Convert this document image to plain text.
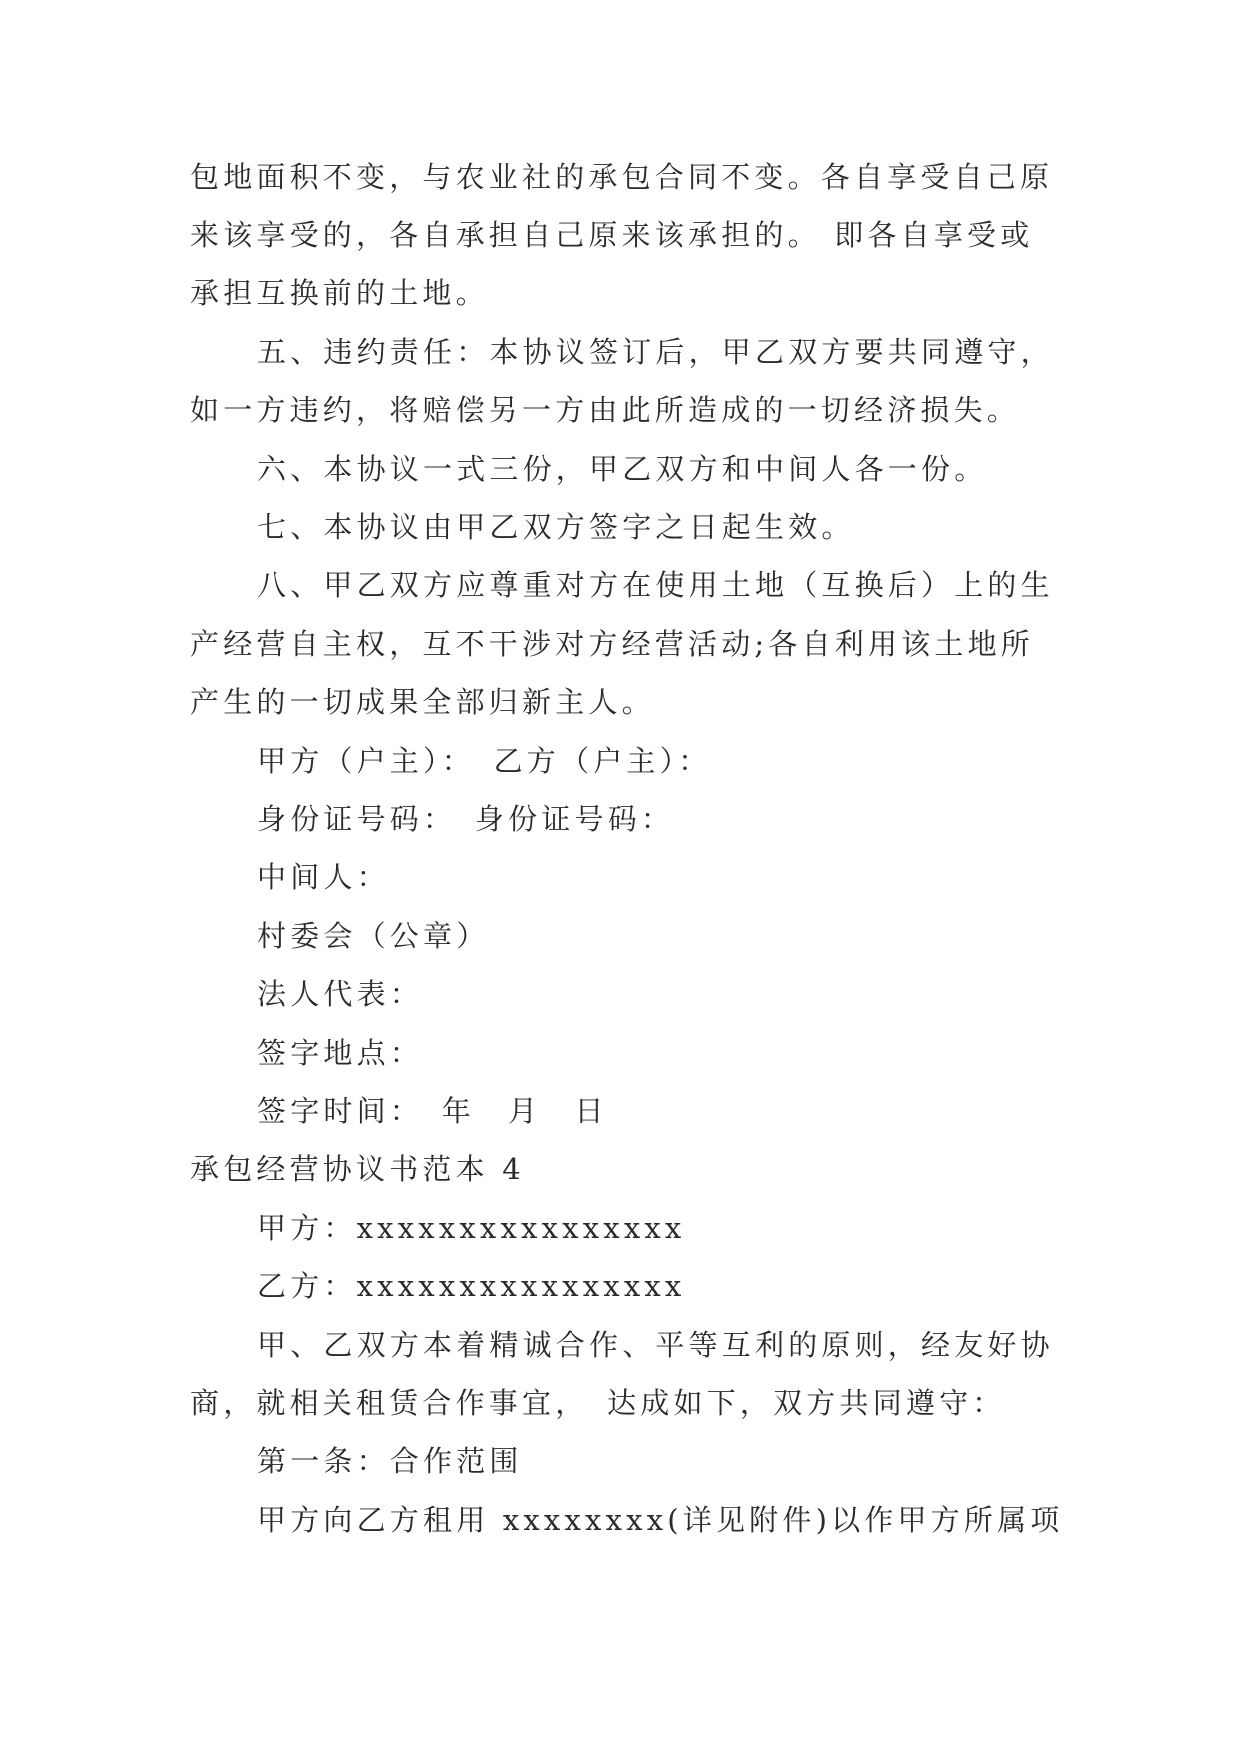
包地面积不变，与农业社的承包合同不变。各自享受自己原
来该享受的，各自承担自己原来该承担的。 即各自享受或
承担互换前的土地。
五、违约责任：本协议签订后，甲乙双方要共同遵守，
如一方违约，将赔偿另一方由此所造成的一切经济损失。
六、本协议一式三份，甲乙双方和中间人各一份。
七、本协议由甲乙双方签字之日起生效。
八、甲乙双方应尊重对方在使用土地（互换后）上的生
产经营自主权，互不干涉对方经营活动;各自利用该土地所
产生的一切成果全部归新主人。
甲方（户主）：　乙方（户主）：
身份证号码：　身份证号码：
中间人：
村委会（公章）
法人代表：
签字地点：
签字时间：　年　月　日
承包经营协议书范本 4
甲方：xxxxxxxxxxxxxxxx
乙方：xxxxxxxxxxxxxxxx
甲、乙双方本着精诚合作、平等互利的原则，经友好协
商，就相关租赁合作事宜，　达成如下，双方共同遵守：
第一条：合作范围
甲方向乙方租用 xxxxxxxx(详见附件)以作甲方所属项
